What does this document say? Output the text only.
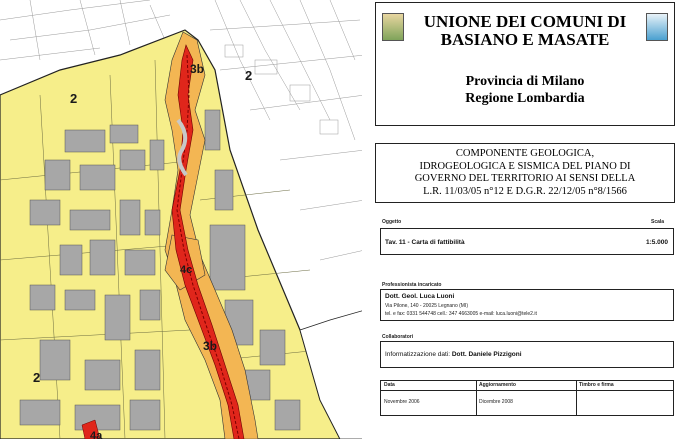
2
3b	2
4c
3b
2
4a
UNIONE DEI COMUNI DI
BASIANO E MASATE
Provincia di Milano
Regione Lombardia
COMPONENTE GEOLOGICA,
IDROGEOLOGICA E SISMICA DEL PIANO DI
GOVERNO DEL TERRITORIO AI SENSI DELLA
L.R. 11/03/05 n°12 E D.G.R. 22/12/05 n°8/1566
Oggetto	Scala
Tav. 11 - Carta di fattibilità	1:5.000
Professionista incaricato
Dott. Geol. Luca Luoni
Via Pilone, 140 - 20025 Legnano (MI)
tel. e fax: 0331 544748 cell.: 347 4663005 e-mail: luca.luoni@tele2.it
Collaboratori
Informatizzazione dati: Dott. Daniele Pizzigoni
Data	Aggiornamento	Timbro e firma
Novembre 2006	Dicembre 2008
